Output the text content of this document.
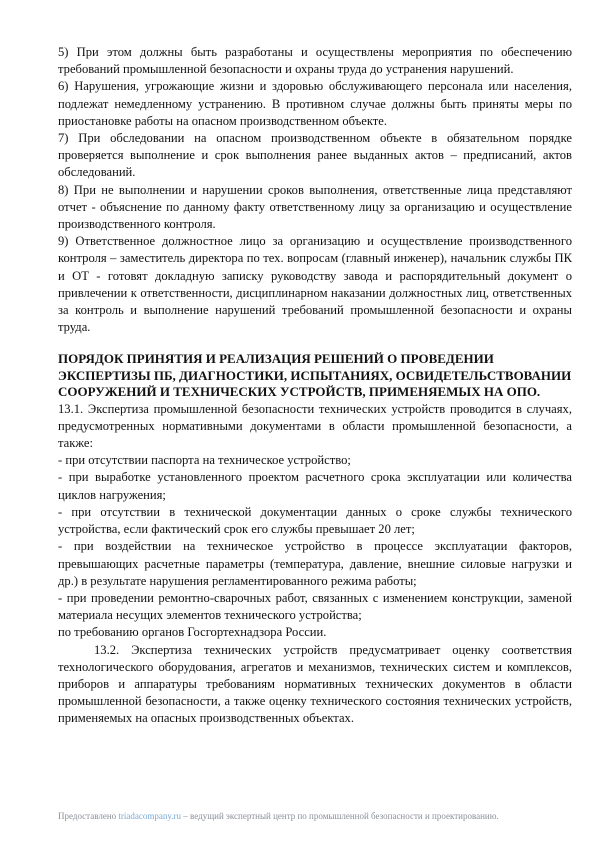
5) При этом должны быть разработаны и осуществлены мероприятия по обеспечению требований промышленной безопасности и охраны труда до устранения нарушений.

6) Нарушения, угрожающие жизни и здоровью обслуживающего персонала или населения, подлежат немедленному устранению. В противном случае должны быть приняты меры по приостановке работы на опасном производственном объекте.

7) При обследовании на опасном производственном объекте в обязательном порядке проверяется выполнение и срок выполнения ранее выданных актов – предписаний, актов обследований.

8) При не выполнении и нарушении сроков выполнения, ответственные лица представляют отчет - объяснение по данному факту ответственному лицу за организацию и осуществление производственного контроля.

9) Ответственное должностное лицо за организацию и осуществление производственного контроля – заместитель директора по тех. вопросам (главный инженер), начальник службы ПК и ОТ - готовят докладную записку руководству завода и распорядительный документ о привлечении к ответственности, дисциплинарном наказании должностных лиц, ответственных за контроль и выполнение нарушений требований промышленной безопасности и охраны труда.

ПОРЯДОК ПРИНЯТИЯ И РЕАЛИЗАЦИЯ РЕШЕНИЙ О ПРОВЕДЕНИИ ЭКСПЕРТИЗЫ ПБ, ДИАГНОСТИКИ, ИСПЫТАНИЯХ, ОСВИДЕТЕЛЬСТВОВАНИИ СООРУЖЕНИЙ И ТЕХНИЧЕСКИХ УСТРОЙСТВ, ПРИМЕНЯЕМЫХ НА ОПО.

13.1. Экспертиза промышленной безопасности технических устройств проводится в случаях, предусмотренных нормативными документами в области промышленной безопасности, а также:

- при отсутствии паспорта на техническое устройство;

- при выработке установленного проектом расчетного срока эксплуатации или количества циклов нагружения;

- при отсутствии в технической документации данных о сроке службы технического устройства, если фактический срок его службы превышает 20 лет;

- при воздействии на техническое устройство в процессе эксплуатации факторов, превышающих расчетные параметры (температура, давление, внешние силовые нагрузки и др.) в результате нарушения регламентированного режима работы;

- при проведении ремонтно-сварочных работ, связанных с изменением конструкции, заменой материала несущих элементов технического устройства;

по требованию органов Госгортехнадзора России.

13.2. Экспертиза технических устройств предусматривает оценку соответствия технологического оборудования, агрегатов и механизмов, технических систем и комплексов, приборов и аппаратуры требованиям нормативных технических документов в области промышленной безопасности, а также оценку технического состояния технических устройств, применяемых на опасных производственных объектах.

Предоставлено triadacompany.ru – ведущий экспертный центр по промышленной безопасности и проектированию.
